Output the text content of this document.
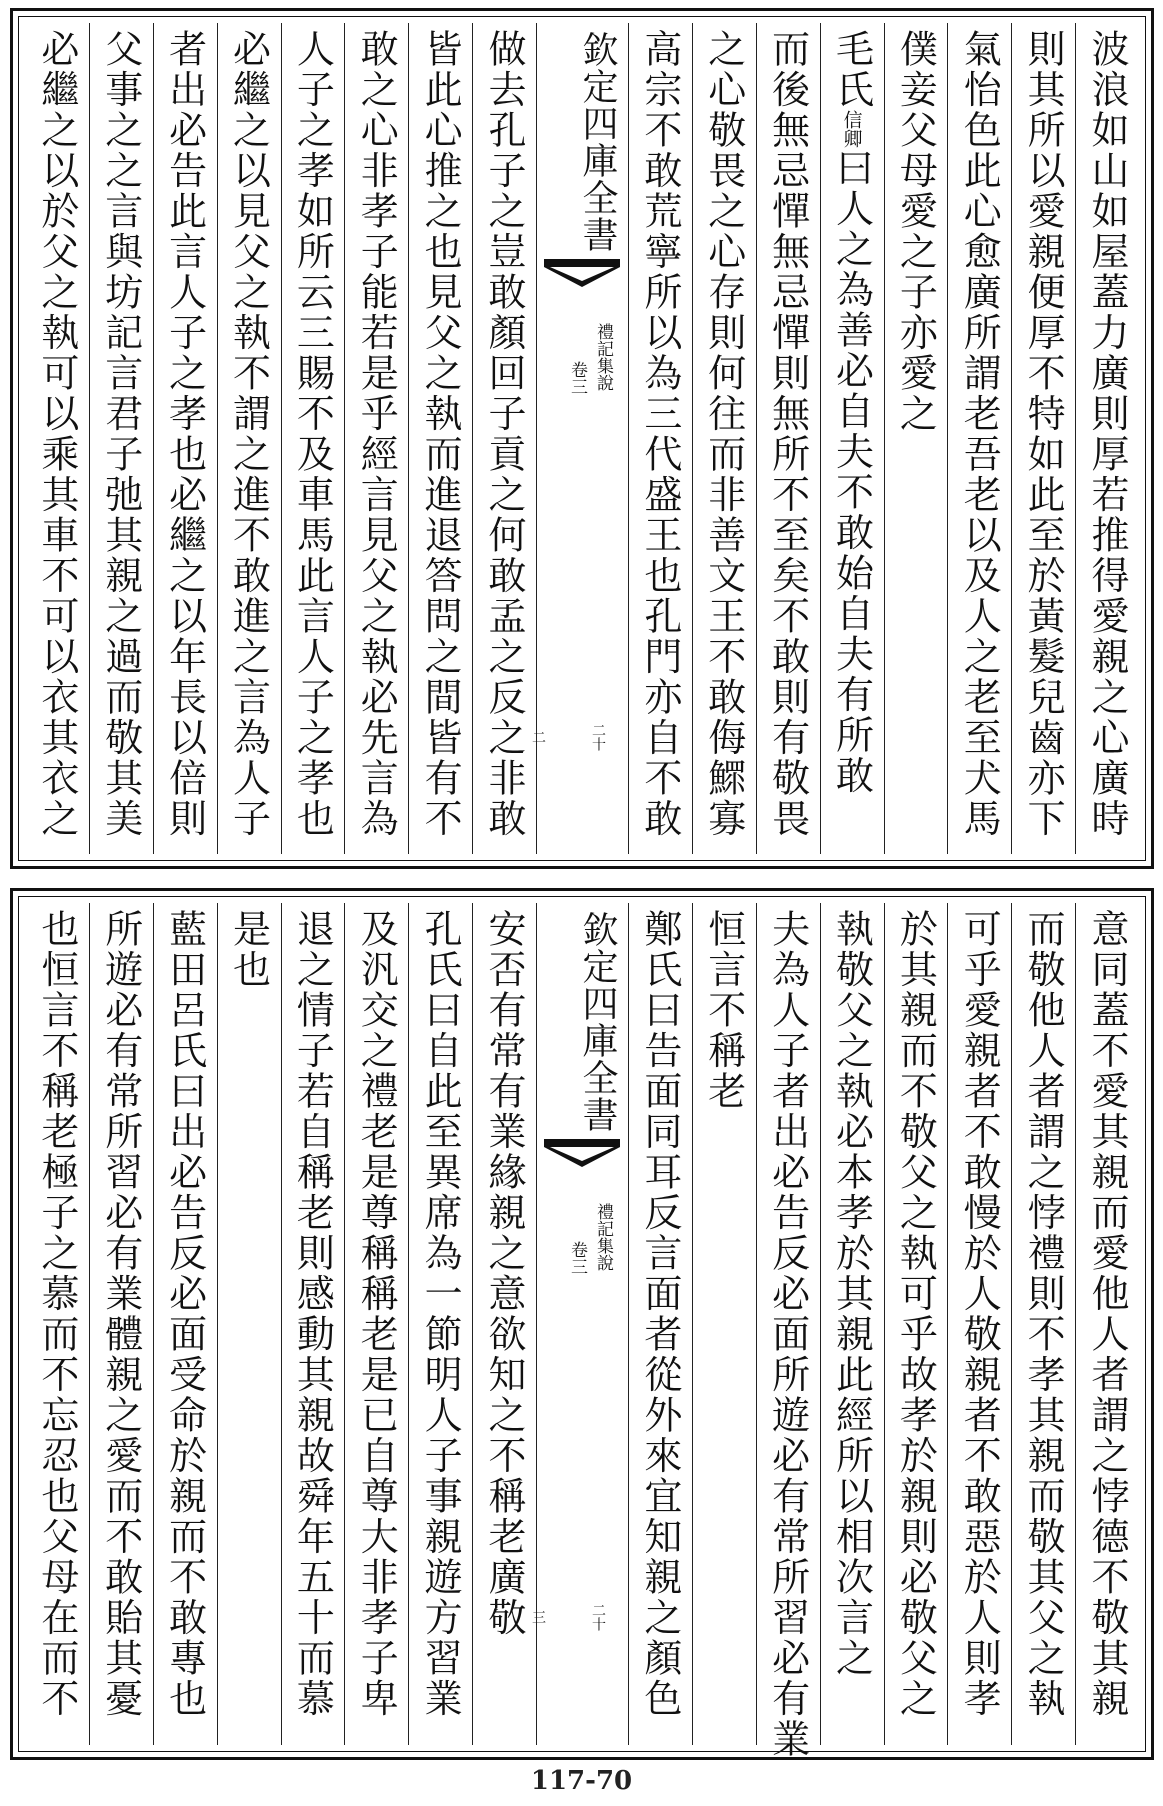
必繼之以於父之執可以乘其車不可以衣其衣之 父事之之言與坊記言君子弛其親之過而敬其美 者出必告此言人子之孝也必繼之以年長以倍則 必繼之以見父之執不謂之進不敢進之言為人子 人子之孝如所云三賜不及車馬此言人子之孝也 敢之心非孝子能若是乎經言見父之執必先言為 皆此心推之也見父之執而進退答問之間皆有不 做去孔子之豈敢顏回子貢之何敢孟之反之非敢	欽定四庫全書
禮記集說
卷三
二十二	高宗不敢荒寧所以為三代盛王也孔門亦自不敢 之心敬畏之心存則何往而非善文王不敢侮鰥寡 而後無忌憚無忌憚則無所不至矣不敢則有敬畏 毛氏信卿曰人之為善必自夫不敢始自夫有所敢 僕妾父母愛之子亦愛之 氣怡色此心愈廣所謂老吾老以及人之老至犬馬 則其所以愛親便厚不特如此至於黃髮兒齒亦下 波浪如山如屋蓋力廣則厚若推得愛親之心廣時
也恒言不稱老極子之慕而不忘忍也父母在而不 所遊必有常所習必有業體親之愛而不敢貽其憂 藍田呂氏曰出必告反必面受命於親而不敢專也 是也 退之情子若自稱老則感動其親故舜年五十而慕 及汎交之禮老是尊稱稱老是已自尊大非孝子卑 孔氏曰自此至異席為一節明人子事親遊方習業 安否有常有業緣親之意欲知之不稱老廣敬	欽定四庫全書
禮記集說
卷三
二十三	鄭氏曰告面同耳反言面者從外來宜知親之顏色 恒言不稱老 夫為人子者出必告反必面所遊必有常所習必有業 執敬父之執必本孝於其親此經所以相次言之 於其親而不敬父之執可乎故孝於親則必敬父之 可乎愛親者不敢慢於人敬親者不敢惡於人則孝 而敬他人者謂之悖禮則不孝其親而敬其父之執 意同蓋不愛其親而愛他人者謂之悖德不敬其親
117-70
